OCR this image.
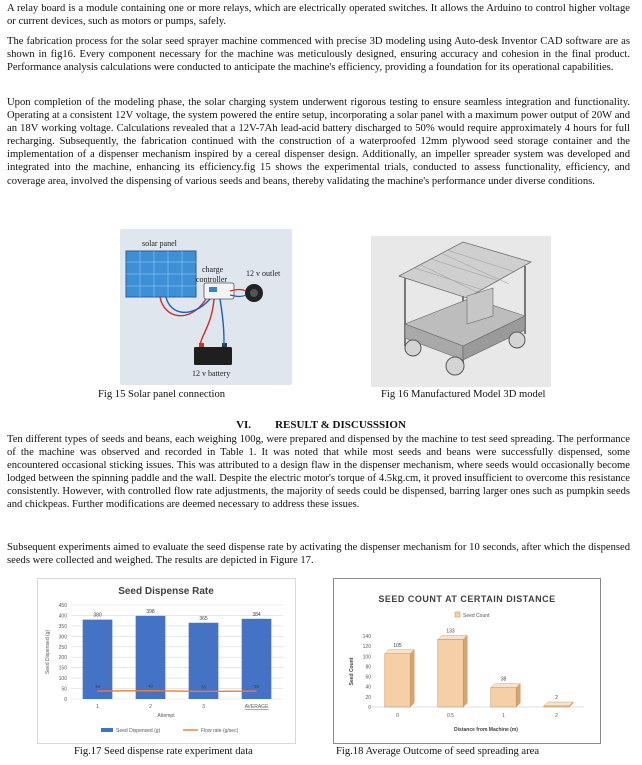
A relay board is a module containing one or more relays, which are electrically operated switches. It allows the Arduino to control higher voltage or current devices, such as motors or pumps, safely.

The fabrication process for the solar seed sprayer machine commenced with precise 3D modeling using Auto-desk Inventor CAD software are as shown in fig16. Every component necessary for the machine was meticulously designed, ensuring accuracy and cohesion in the final product. Performance analysis calculations were conducted to anticipate the machine's efficiency, providing a foundation for its operational capabilities.

Upon completion of the modeling phase, the solar charging system underwent rigorous testing to ensure seamless integration and functionality. Operating at a consistent 12V voltage, the system powered the entire setup, incorporating a solar panel with a maximum power output of 20W and an 18V working voltage. Calculations revealed that a 12V-7Ah lead-acid battery discharged to 50% would require approximately 4 hours for full recharging. Subsequently, the fabrication continued with the construction of a waterproofed 12mm plywood seed storage container and the implementation of a dispenser mechanism inspired by a cereal dispenser design. Additionally, an impeller spreader system was developed and integrated into the machine, enhancing its efficiency.fig 15 shows the experimental trials, conducted to assess functionality, efficiency, and coverage area, involved the dispensing of various seeds and beans, thereby validating the machine's performance under diverse conditions.

solar panel
charge
controller
12 v outlet
12 v battery
Fig 15 Solar panel connection	Fig 16 Manufactured Model 3D model
VI. RESULT & DISCUSSSION

Ten different types of seeds and beans, each weighing 100g, were prepared and dispensed by the machine to test seed spreading. The performance of the machine was observed and recorded in Table 1. It was noted that while most seeds and beans were successfully dispensed, some encountered occasional sticking issues. This was attributed to a design flaw in the dispenser mechanism, where seeds would occasionally become lodged between the spinning paddle and the wall. Despite the electric motor's torque of 4.5kg.cm, it proved insufficient to overcome this resistance consistently. However, with controlled flow rate adjustments, the majority of seeds could be dispensed, barring larger ones such as pumpkin seeds and chickpeas. Further modifications are deemed necessary to address these issues.

Subsequent experiments aimed to evaluate the seed dispense rate by activating the dispenser mechanism for 10 seconds, after which the dispensed seeds were collected and weighed. The results are depicted in Figure 17.

Seed Dispense Rate
0
50
100
150
200
250
300
350
400
450
Seed Dispensed (g)
380
1
398
2
365
3
384
AVERAGE
38	40	36	38
Attempt
Seed Dispensed (g)	Flow rate (g/sec)
Fig.17 Seed dispense rate experiment data
SEED COUNT AT CERTAIN DISTANCE
Seed Count
0
20
40
60
80
100
120
140
Seed Count
105
0
133
0.5
38
1
2
2
Distance from Machine (m)
Fig.18 Average Outcome of seed spreading area
